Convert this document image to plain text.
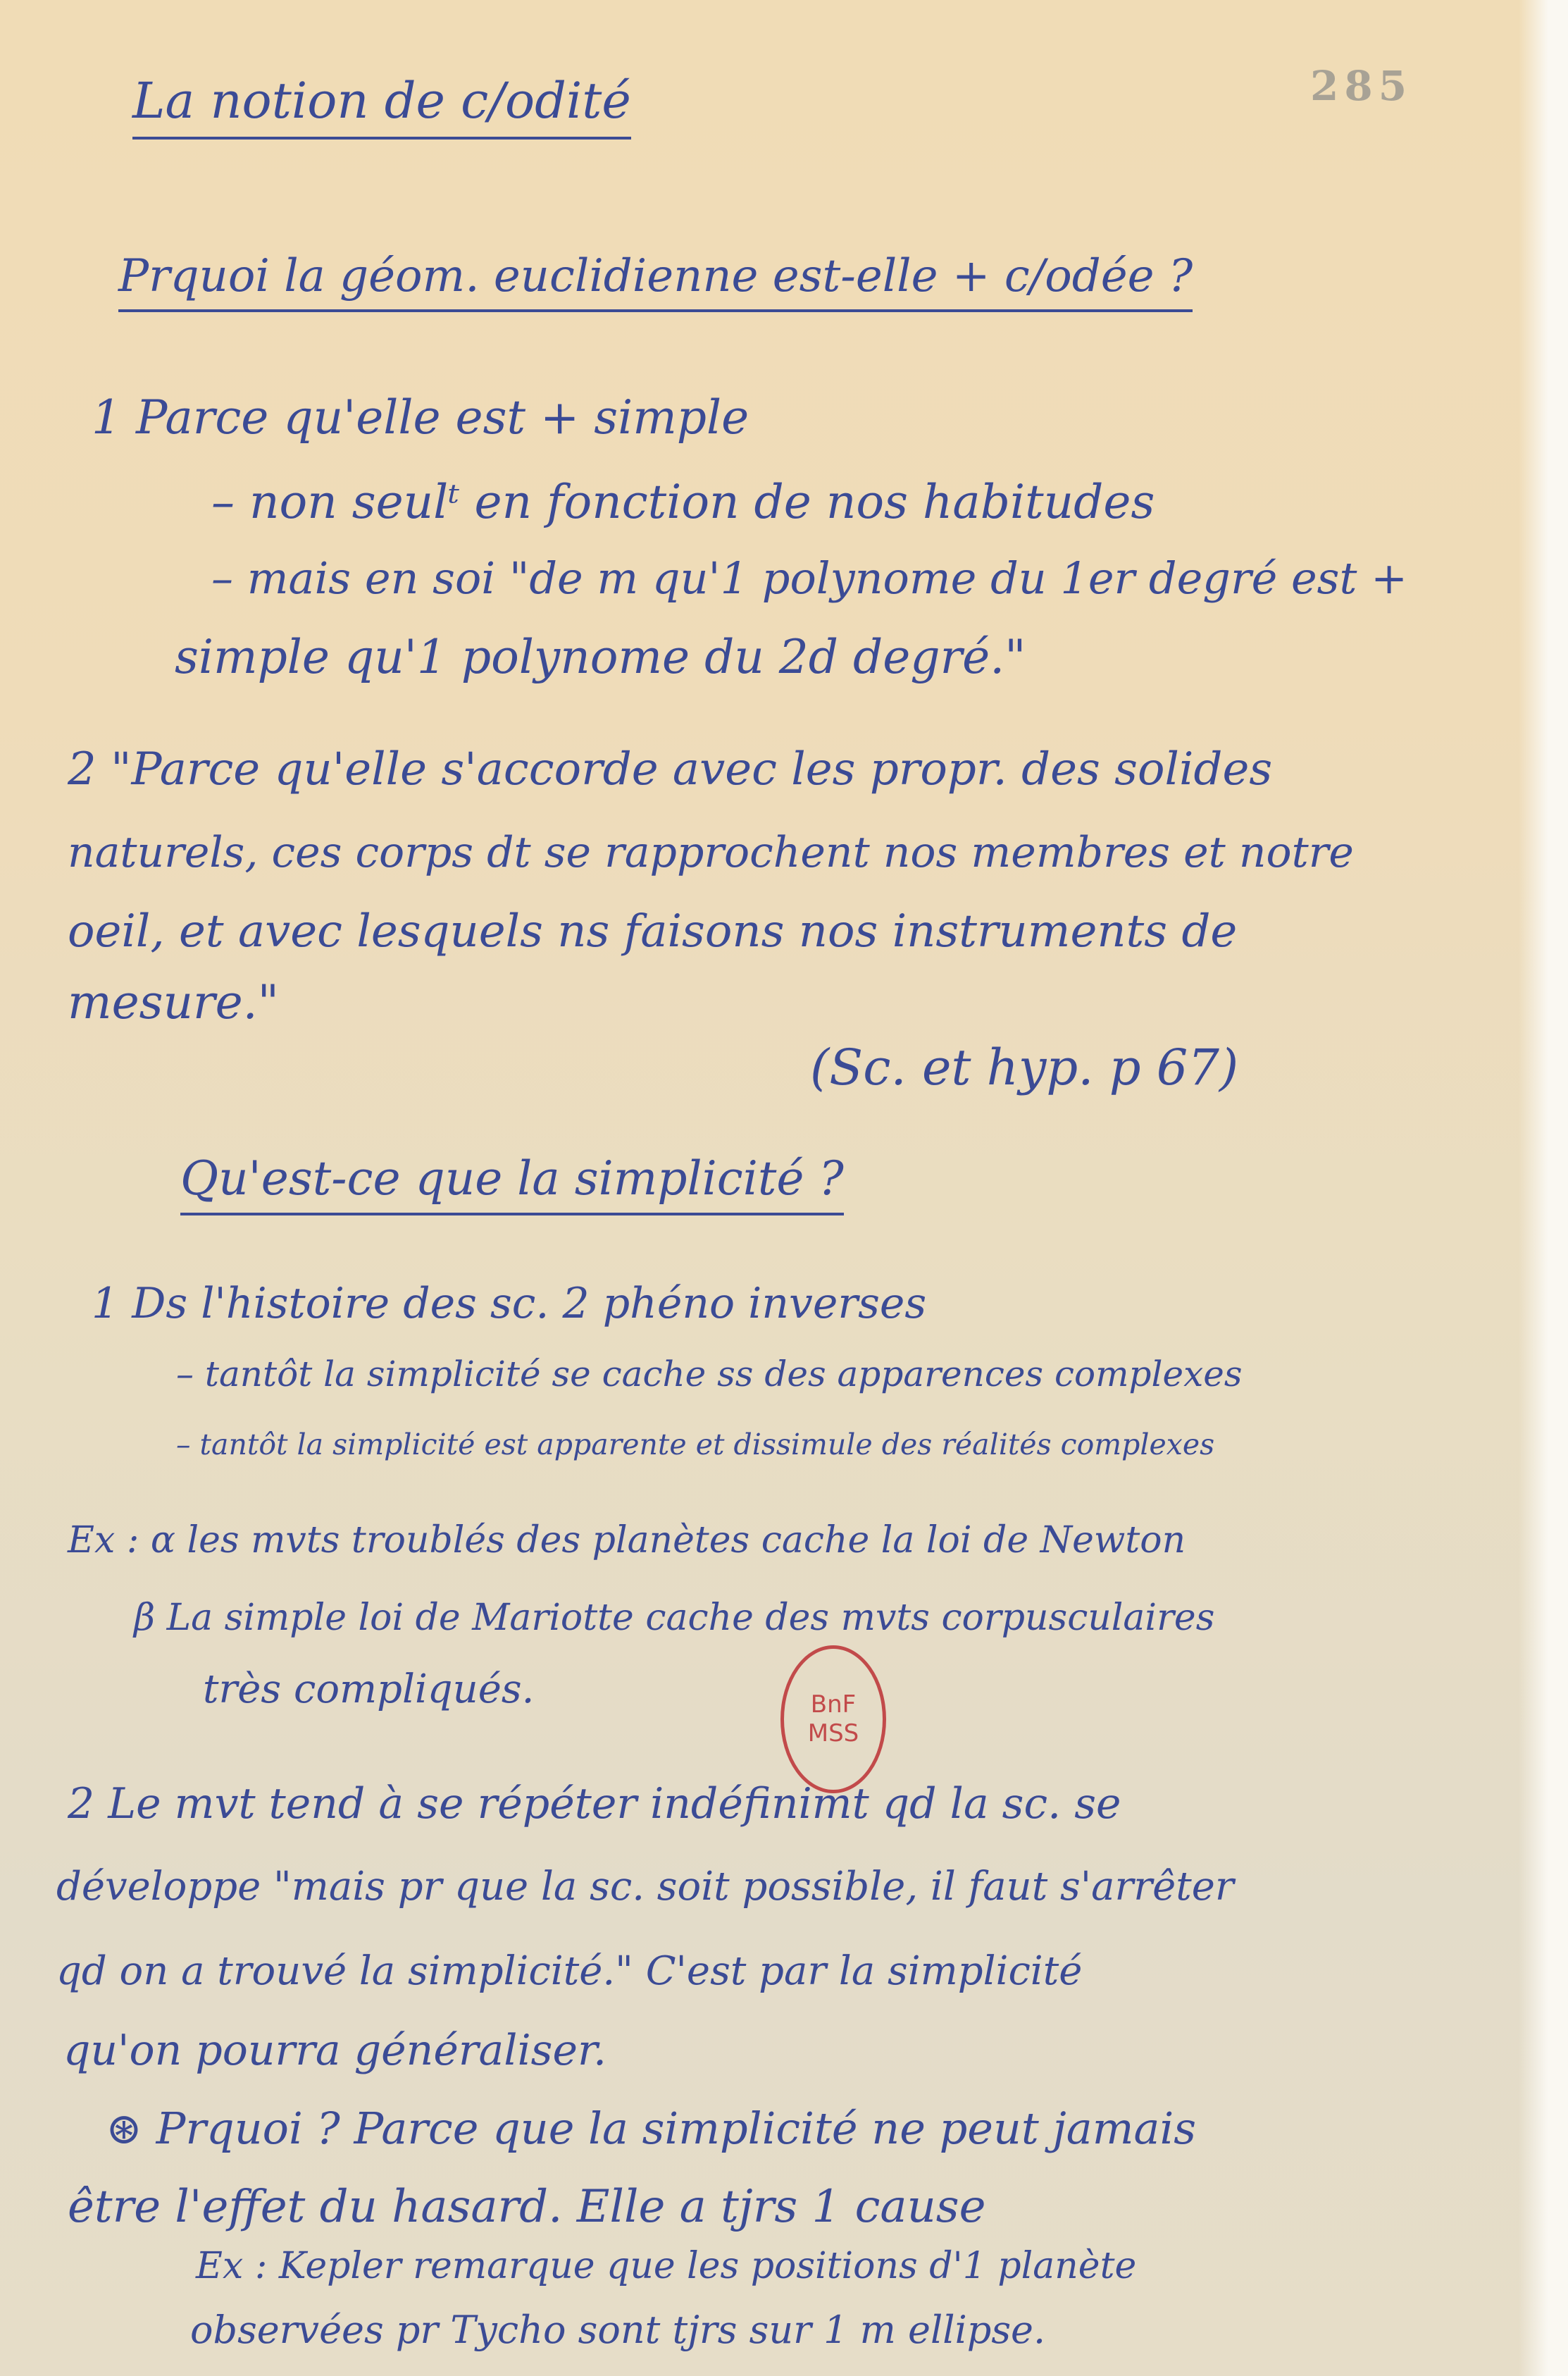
285
La notion de c/odité
Prquoi la géom. euclidienne est-elle + c/odée ?
1 Parce qu'elle est + simple
– non seulᵗ en fonction de nos habitudes
– mais en soi "de m qu'1 polynome du 1er degré est +
simple qu'1 polynome du 2d degré."
2 "Parce qu'elle s'accorde avec les propr. des solides
naturels, ces corps dt se rapprochent nos membres et notre
oeil, et avec lesquels ns faisons nos instruments de
mesure."
(Sc. et hyp. p 67)
Qu'est-ce que la simplicité ?
1 Ds l'histoire des sc. 2 phéno inverses
– tantôt la simplicité se cache ss des apparences complexes
– tantôt la simplicité est apparente et dissimule des réalités complexes
Ex : α les mvts troublés des planètes cache la loi de Newton
β La simple loi de Mariotte cache des mvts corpusculaires
très compliqués.
2 Le mvt tend à se répéter indéfinimt qd la sc. se
développe "mais pr que la sc. soit possible, il faut s'arrêter
qd on a trouvé la simplicité." C'est par la simplicité
qu'on pourra généraliser.
⊛ Prquoi ? Parce que la simplicité ne peut jamais
être l'effet du hasard. Elle a tjrs 1 cause
Ex : Kepler remarque que les positions d'1 planète
observées pr Tycho sont tjrs sur 1 m ellipse.
BnF
MSS
